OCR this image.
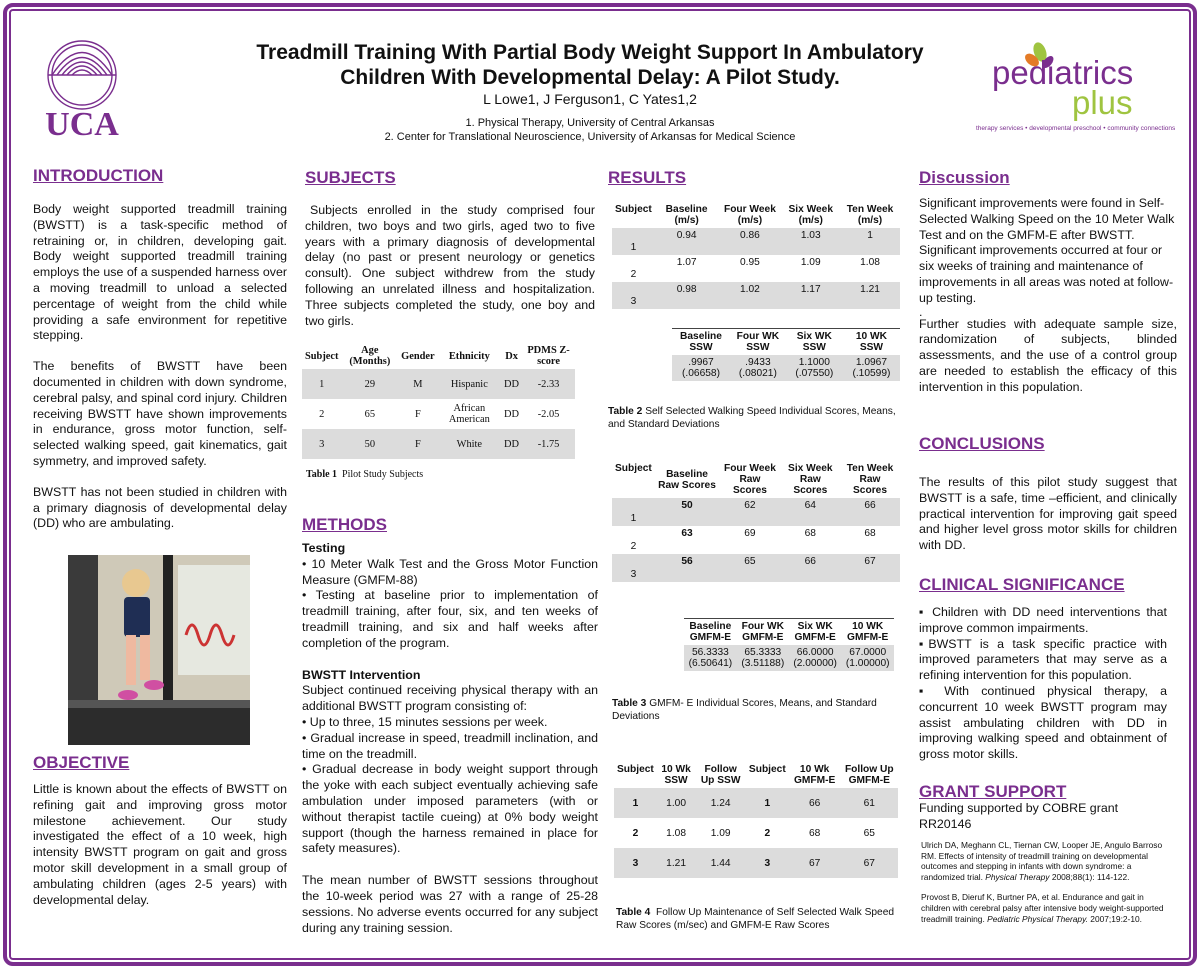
UCA
Treadmill Training With Partial Body Weight Support In Ambulatory
Children With Developmental Delay: A Pilot Study.
L Lowe1, J Ferguson1, C Yates1,2
1. Physical Therapy, University of Central Arkansas
2. Center for Translational Neuroscience, University of Arkansas for Medical Science
pediatrics
plus
therapy services • developmental preschool • community connections
INTRODUCTION
Body weight supported treadmill training (BWSTT) is a task-specific method of retraining or, in children, developing gait. Body weight supported treadmill training employs the use of a suspended harness over a moving treadmill to unload a selected percentage of weight from the child while providing a safe environment for repetitive stepping.
The benefits of BWSTT have been documented in children with down syndrome, cerebral palsy, and spinal cord injury. Children receiving BWSTT have shown improvements in endurance, gross motor function, self-selected walking speed, gait kinematics, gait symmetry, and improved safety.
BWSTT has not been studied in children with a primary diagnosis of developmental delay (DD) who are ambulating.
OBJECTIVE
Little is known about the effects of BWSTT on refining gait and improving gross motor milestone achievement. Our study investigated the effect of a 10 week, high intensity BWSTT program on gait and gross motor skill development in a small group of ambulating children (ages 2-5 years) with developmental delay.
SUBJECTS
Subjects enrolled in the study comprised four children, two boys and two girls, aged two to five years with a primary diagnosis of developmental delay (no past or present neurology or genetics consult). One subject withdrew from the study following an unrelated illness and hospitalization. Three subjects completed the study, one boy and two girls.
Subject	Age (Months)	Gender	Ethnicity	Dx	PDMS Z-score
1	29	M	Hispanic	DD	-2.33
2	65	F	African American	DD	-2.05
3	50	F	White	DD	-1.75
Table 1 Pilot Study Subjects
METHODS
Testing
• 10 Meter Walk Test and the Gross Motor Function Measure (GMFM-88)
• Testing at baseline prior to implementation of treadmill training, after four, six, and ten weeks of treadmill training, and six and half weeks after completion of the program.
BWSTT Intervention
Subject continued receiving physical therapy with an additional BWSTT program consisting of:
• Up to three, 15 minutes sessions per week.
• Gradual increase in speed, treadmill inclination, and time on the treadmill.
• Gradual decrease in body weight support through the yoke with each subject eventually achieving safe ambulation under imposed parameters (with or without therapist tactile cueing) at 0% body weight support (though the harness remained in place for safety measures).
The mean number of BWSTT sessions throughout the 10-week period was 27 with a range of 25-28 sessions. No adverse events occurred for any subject during any training session.
RESULTS
Subject	Baseline (m/s)	Four Week (m/s)	Six Week (m/s)	Ten Week (m/s)
1	0.94	0.86	1.03	1
2	1.07	0.95	1.09	1.08
3	0.98	1.02	1.17	1.21
Baseline SSW	Four WK SSW	Six WK SSW	10 WK SSW
.9967 (.06658)	.9433 (.08021)	1.1000 (.07550)	1.0967 (.10599)
Table 2 Self Selected Walking Speed Individual Scores, Means, and Standard Deviations
Subject	Baseline Raw Scores	Four Week Raw Scores	Six Week Raw Scores	Ten Week Raw Scores
1	50	62	64	66
2	63	69	68	68
3	56	65	66	67
Baseline GMFM-E	Four WK GMFM-E	Six WK GMFM-E	10 WK GMFM-E
56.3333 (6.50641)	65.3333 (3.51188)	66.0000 (2.00000)	67.0000 (1.00000)
Table 3 GMFM- E Individual Scores, Means, and Standard Deviations
Subject	10 Wk SSW	Follow Up SSW	Subject	10 Wk GMFM-E	Follow Up GMFM-E
1	1.00	1.24	1	66	61
2	1.08	1.09	2	68	65
3	1.21	1.44	3	67	67
Table 4 Follow Up Maintenance of Self Selected Walk Speed Raw Scores (m/sec) and GMFM-E Raw Scores
Discussion
Significant improvements were found in Self-Selected Walking Speed on the 10 Meter Walk Test and on the GMFM-E after BWSTT. Significant improvements occurred at four or six weeks of training and maintenance of improvements in all areas was noted at follow-up testing.
.
Further studies with adequate sample size, randomization of subjects, blinded assessments, and the use of a control group are needed to establish the efficacy of this intervention in this population.
CONCLUSIONS
The results of this pilot study suggest that BWSTT is a safe, time –efficient, and clinically practical intervention for improving gait speed and higher level gross motor skills for children with DD.
CLINICAL SIGNIFICANCE
▪ Children with DD need interventions that improve common impairments.
▪BWSTT is a task specific practice with improved parameters that may serve as a refining intervention for this population.
▪ With continued physical therapy, a concurrent 10 week BWSTT program may assist ambulating children with DD in improving walking speed and obtainment of gross motor skills.
GRANT SUPPORT
Funding supported by COBRE grant RR20146
Ulrich DA, Meghann CL, Tiernan CW, Looper JE, Angulo Barroso RM. Effects of intensity of treadmill training on developmental outcomes and stepping in infants with down syndrome: a randomized trial. Physical Therapy 2008;88(1): 114-122.
Provost B, Dieruf K, Burtner PA, et al. Endurance and gait in children with cerebral palsy after intensive body weight-supported treadmill training. Pediatric Physical Therapy. 2007;19:2-10.
